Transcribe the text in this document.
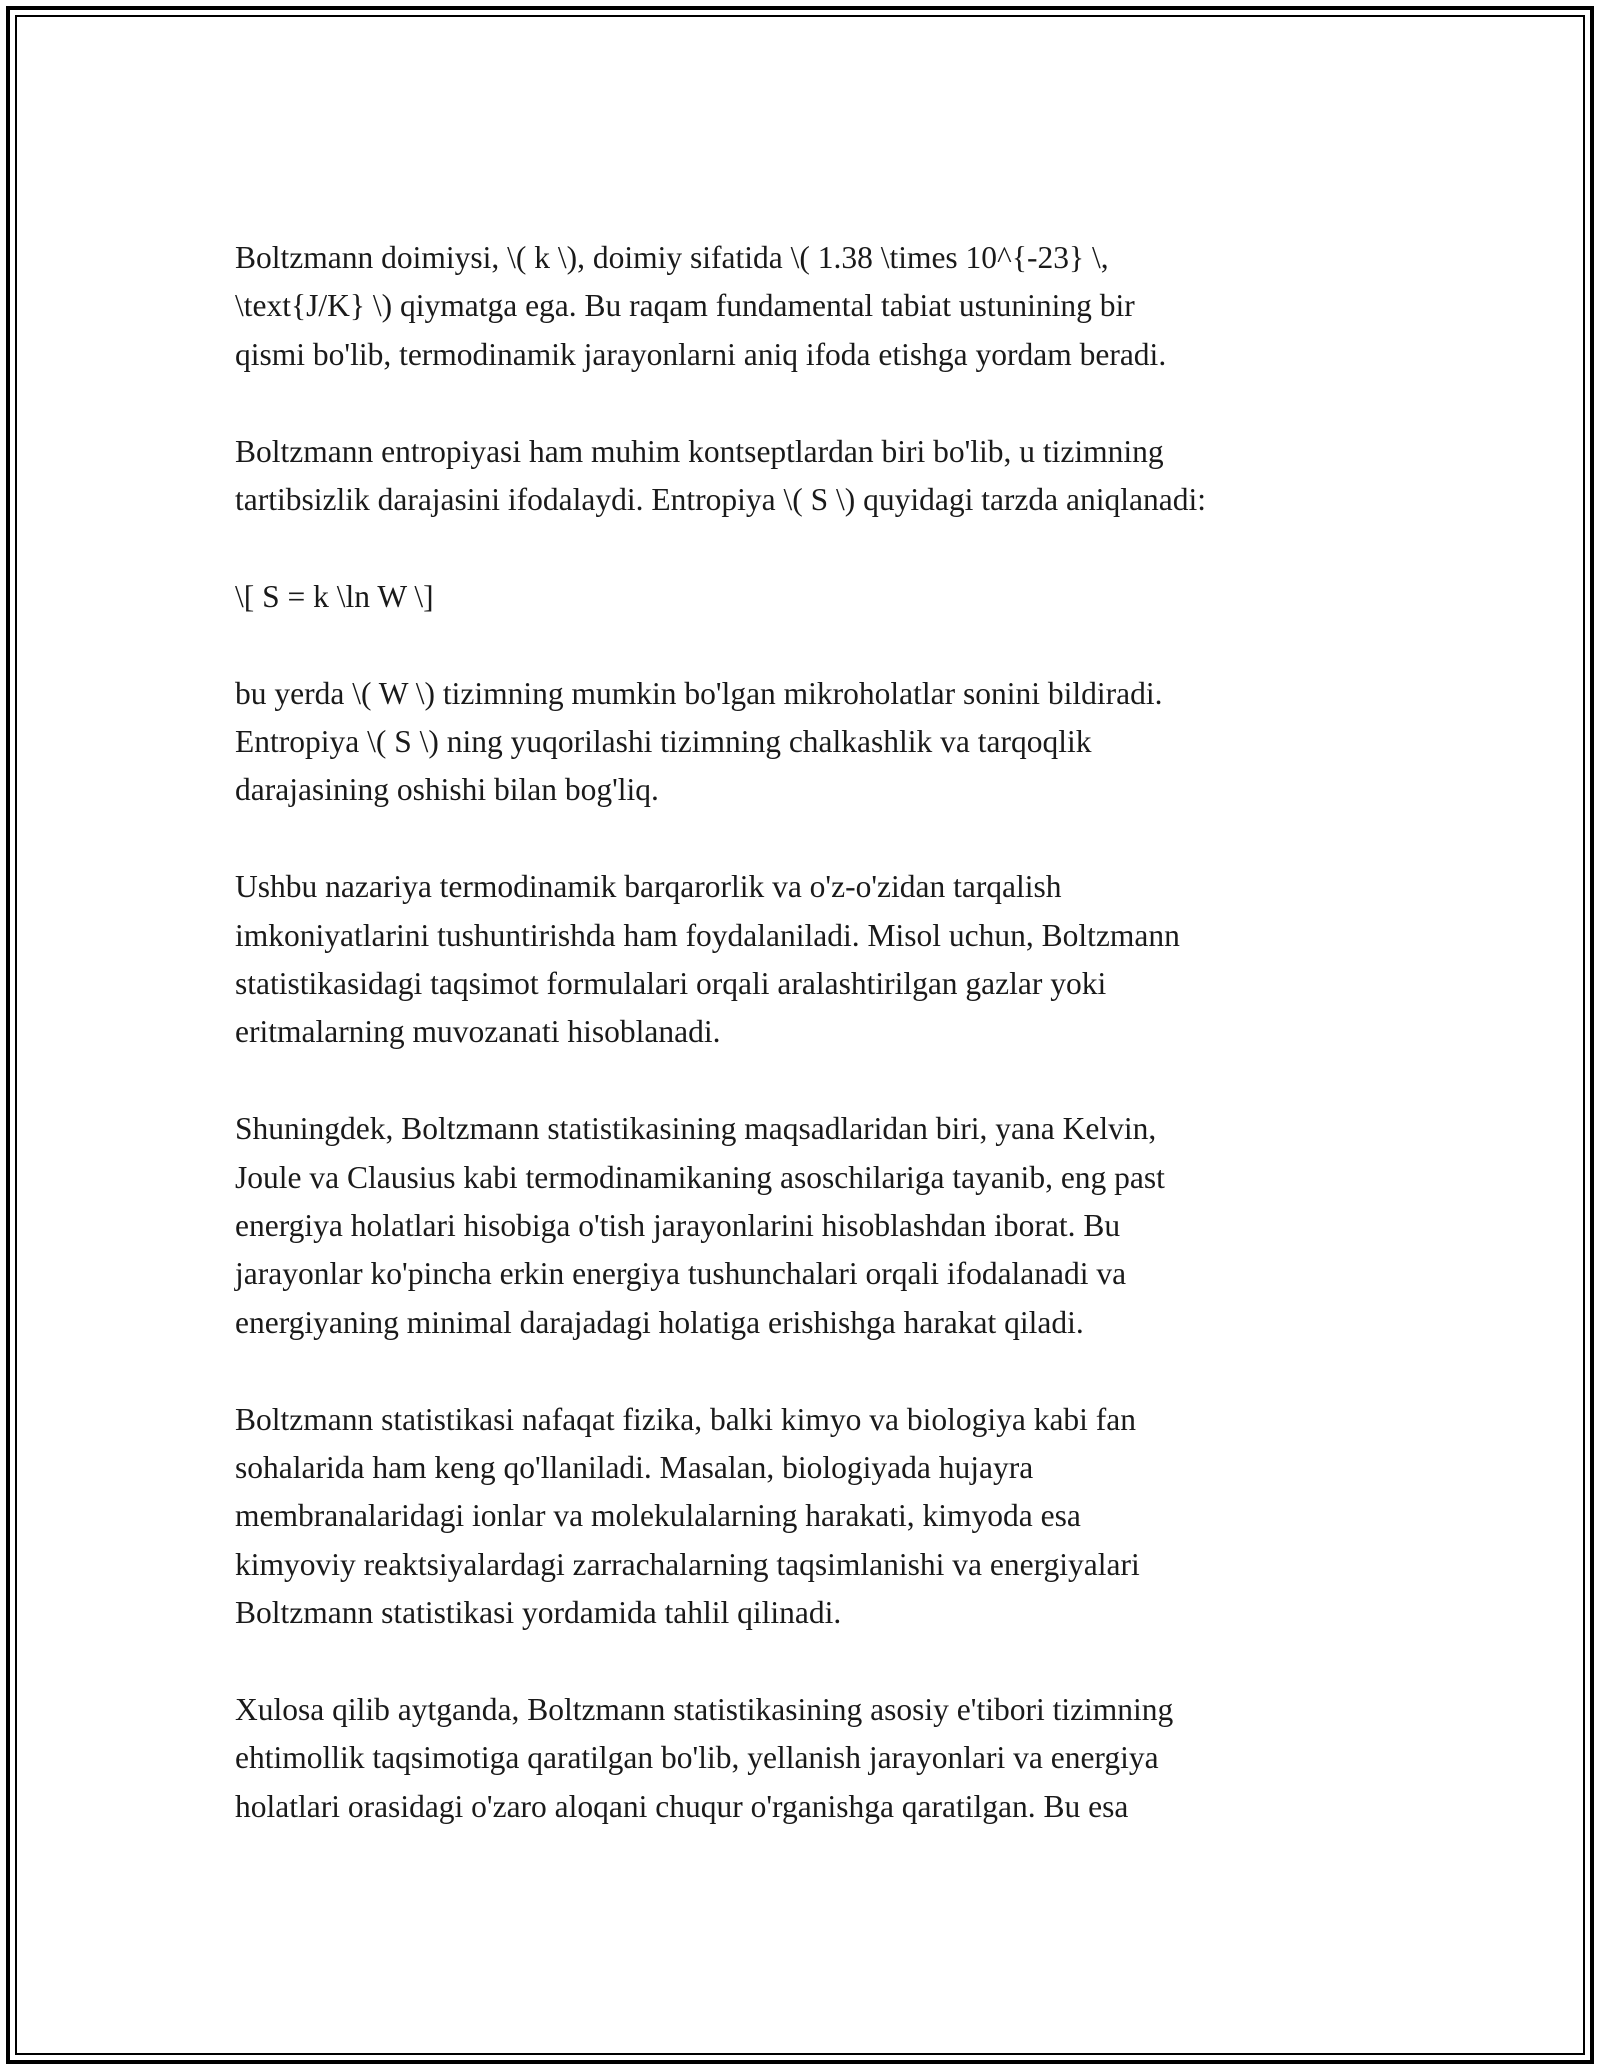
Boltzmann doimiysi, \( k \), doimiy sifatida \( 1.38 \times 10^{-23} \,
\text{J/K} \) qiymatga ega. Bu raqam fundamental tabiat ustunining bir
qismi bo'lib, termodinamik jarayonlarni aniq ifoda etishga yordam beradi.

Boltzmann entropiyasi ham muhim kontseptlardan biri bo'lib, u tizimning
tartibsizlik darajasini ifodalaydi. Entropiya \( S \) quyidagi tarzda aniqlanadi:

\[ S = k \ln W \]

bu yerda \( W \) tizimning mumkin bo'lgan mikroholatlar sonini bildiradi.
Entropiya \( S \) ning yuqorilashi tizimning chalkashlik va tarqoqlik
darajasining oshishi bilan bog'liq.

Ushbu nazariya termodinamik barqarorlik va o'z-o'zidan tarqalish
imkoniyatlarini tushuntirishda ham foydalaniladi. Misol uchun, Boltzmann
statistikasidagi taqsimot formulalari orqali aralashtirilgan gazlar yoki
eritmalarning muvozanati hisoblanadi.

Shuningdek, Boltzmann statistikasining maqsadlaridan biri, yana Kelvin,
Joule va Clausius kabi termodinamikaning asoschilariga tayanib, eng past
energiya holatlari hisobiga o'tish jarayonlarini hisoblashdan iborat. Bu
jarayonlar ko'pincha erkin energiya tushunchalari orqali ifodalanadi va
energiyaning minimal darajadagi holatiga erishishga harakat qiladi.

Boltzmann statistikasi nafaqat fizika, balki kimyo va biologiya kabi fan
sohalarida ham keng qo'llaniladi. Masalan, biologiyada hujayra
membranalaridagi ionlar va molekulalarning harakati, kimyoda esa
kimyoviy reaktsiyalardagi zarrachalarning taqsimlanishi va energiyalari
Boltzmann statistikasi yordamida tahlil qilinadi.

Xulosa qilib aytganda, Boltzmann statistikasining asosiy e'tibori tizimning
ehtimollik taqsimotiga qaratilgan bo'lib, yellanish jarayonlari va energiya
holatlari orasidagi o'zaro aloqani chuqur o'rganishga qaratilgan. Bu esa
